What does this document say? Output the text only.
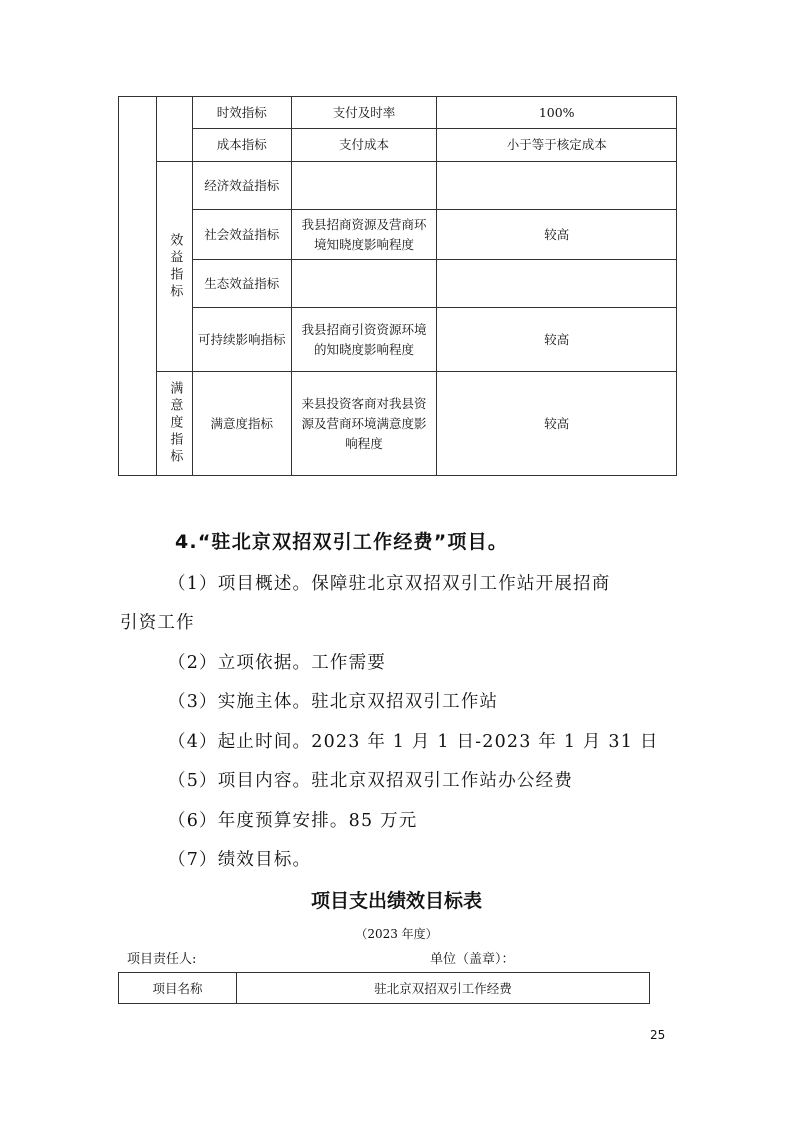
		时效指标	支付及时率	100%
		成本指标	支付成本	小于等于核定成本

	效益指标	经济效益指标		
		社会效益指标	我县招商资源及营商环境知晓度影响程度	较高
		生态效益指标		
		可持续影响指标	我县招商引资资源环境的知晓度影响程度	较高

	满意度指标	满意度指标	来县投资客商对我县资源及营商环境满意度影响程度	较高
4.“驻北京双招双引工作经费”项目。
（1）项目概述。保障驻北京双招双引工作站开展招商
引资工作
（2）立项依据。工作需要
（3）实施主体。驻北京双招双引工作站
（4）起止时间。2023 年 1 月 1 日-2023 年 1 月 31 日
（5）项目内容。驻北京双招双引工作站办公经费
（6）年度预算安排。85 万元
（7）绩效目标。
项目支出绩效目标表
（2023 年度）
项目责任人:	单位（盖章）：
项目名称	驻北京双招双引工作经费
25
